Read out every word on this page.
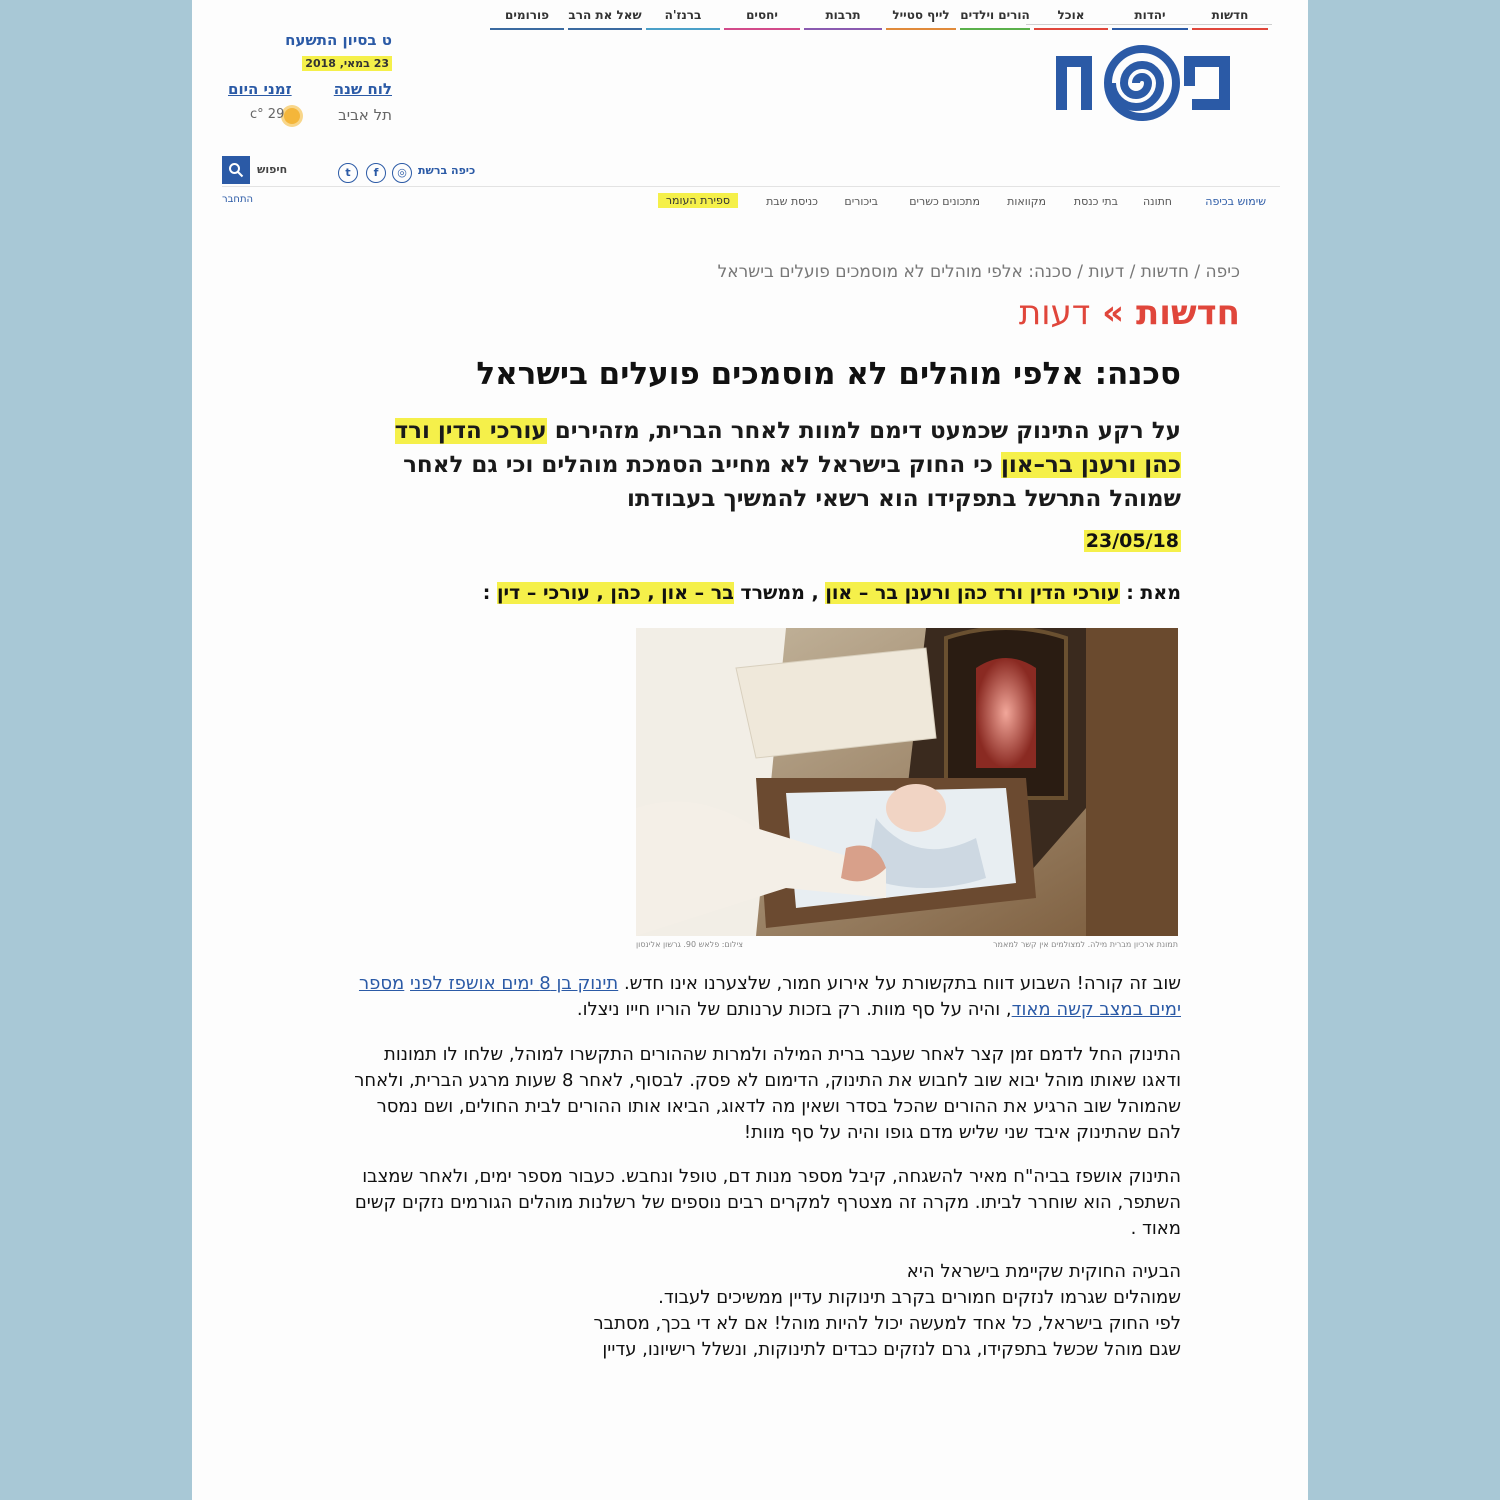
כיפה
ט בסיון התשעח
23 במאי, 2018
לוח שנה
זמני היום
תל אביב
29 °c
חדשות
יהדות
אוכל
הורים וילדים
לייף סטייל
תרבות
יחסים
ברנז'ה
שאל את הרב
פורומים
כיפה ברשת
◎
f
t
חיפוש
שימוש בכיפה
חתונה
בתי כנסת
מקוואות
מתכונים כשרים
ביכורים
כניסת שבת
ספירת העומר
התחבר
כיפה / חדשות / דעות / סכנה: אלפי מוהלים לא מוסמכים פועלים בישראל
חדשות » דעות
סכנה: אלפי מוהלים לא מוסמכים פועלים בישראל
על רקע התינוק שכמעט דימם למוות לאחר הברית, מזהירים עורכי הדין ורד כהן ורענן בר–און כי החוק בישראל לא מחייב הסמכת מוהלים וכי גם לאחר שמוהל התרשל בתפקידו הוא רשאי להמשיך בעבודתו
23/05/18
מאת : עורכי הדין ורד כהן ורענן בר – און , ממשרד בר – און , כהן , עורכי – דין :
תמונת ארכיון מברית מילה. למצולמים אין קשר למאמר
צילום: פלאש 90. גרשון אלינסון
שוב זה קורה! השבוע דווח בתקשורת על אירוע חמור, שלצערנו אינו חדש. תינוק בן 8 ימים אושפז לפני מספר ימים במצב קשה מאוד, והיה על סף מוות. רק בזכות ערנותם של הוריו חייו ניצלו.
התינוק החל לדמם זמן קצר לאחר שעבר ברית המילה ולמרות שההורים התקשרו למוהל, שלחו לו תמונות ודאגו שאותו מוהל יבוא שוב לחבוש את התינוק, הדימום לא פסק. לבסוף, לאחר 8 שעות מרגע הברית, ולאחר שהמוהל שוב הרגיע את ההורים שהכל בסדר ושאין מה לדאוג, הביאו אותו ההורים לבית החולים, ושם נמסר להם שהתינוק איבד שני שליש מדם גופו והיה על סף מוות!
התינוק אושפז בביה"ח מאיר להשגחה, קיבל מספר מנות דם, טופל ונחבש. כעבור מספר ימים, ולאחר שמצבו השתפר, הוא שוחרר לביתו. מקרה זה מצטרף למקרים רבים נוספים של רשלנות מוהלים הגורמים נזקים קשים מאוד .
הבעיה החוקית שקיימת בישראל היא
שמוהלים שגרמו לנזקים חמורים בקרב תינוקות עדיין ממשיכים לעבוד.
לפי החוק בישראל, כל אחד למעשה יכול להיות מוהל! אם לא די בכך, מסתבר
שגם מוהל שכשל בתפקידו, גרם לנזקים כבדים לתינוקות, ונשלל רישיונו, עדיין
